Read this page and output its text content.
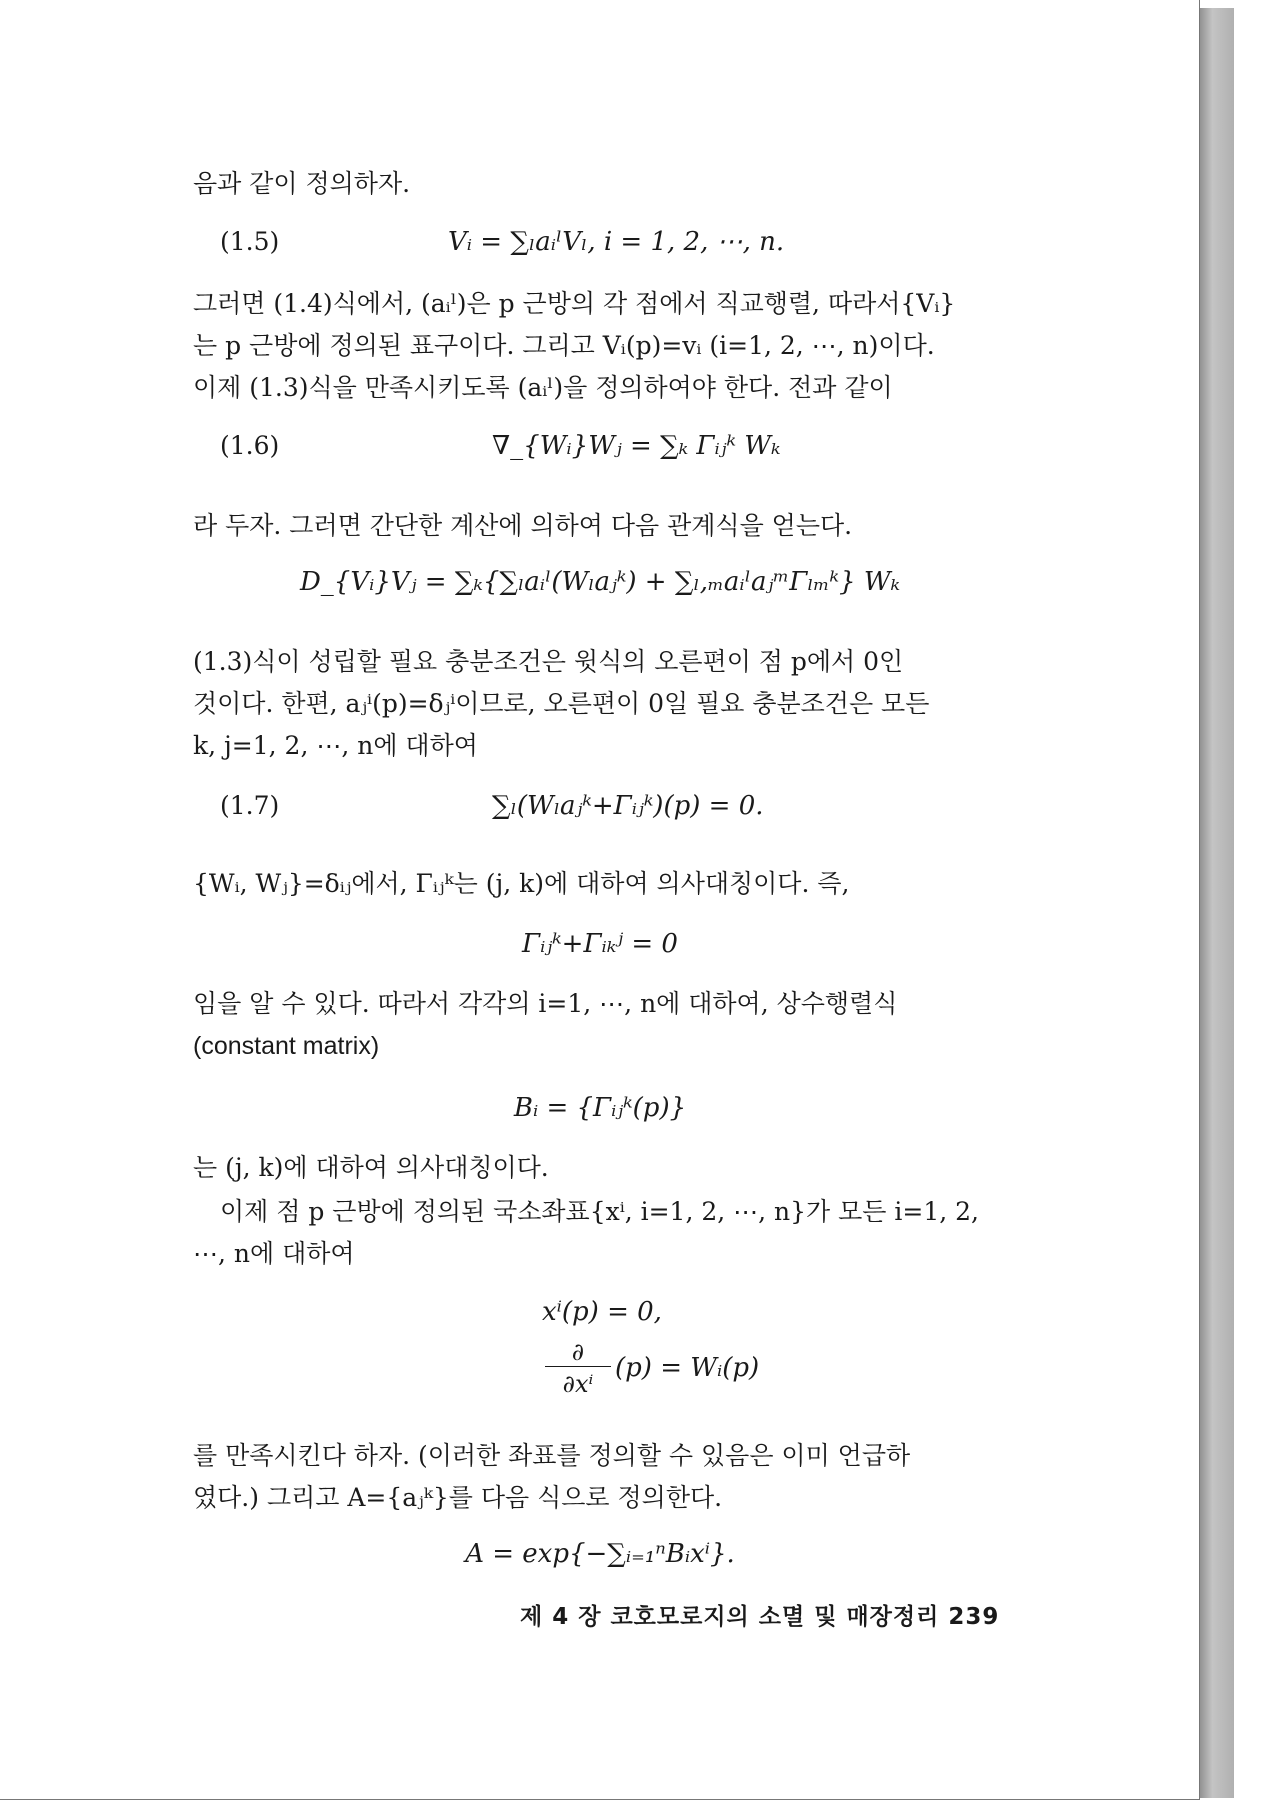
음과 같이 정의하자.
(1.5)	Vᵢ = ∑ₗaᵢˡVₗ, i = 1, 2, ⋯, n.
그러면 (1.4)식에서, (aᵢˡ)은 p 근방의 각 점에서 직교행렬, 따라서{Vᵢ}
는 p 근방에 정의된 표구이다. 그리고 Vᵢ(p)=vᵢ (i=1, 2, ⋯, n)이다.
이제 (1.3)식을 만족시키도록 (aᵢˡ)을 정의하여야 한다. 전과 같이
(1.6)	∇_{Wᵢ}Wⱼ = ∑ₖ Γᵢⱼᵏ Wₖ
라 두자. 그러면 간단한 계산에 의하여 다음 관계식을 얻는다.
D_{Vᵢ}Vⱼ = ∑ₖ{∑ₗaᵢˡ(Wₗaⱼᵏ) + ∑ₗ,ₘaᵢˡaⱼᵐΓₗₘᵏ} Wₖ
(1.3)식이 성립할 필요 충분조건은 윗식의 오른편이 점 p에서 0인
것이다. 한편, aⱼⁱ(p)=δⱼⁱ이므로, 오른편이 0일 필요 충분조건은 모든
k, j=1, 2, ⋯, n에 대하여
(1.7)	∑ₗ(Wₗaⱼᵏ+Γᵢⱼᵏ)(p) = 0.
{Wᵢ, Wⱼ}=δᵢⱼ에서, Γᵢⱼᵏ는 (j, k)에 대하여 의사대칭이다. 즉,
Γᵢⱼᵏ+Γᵢₖʲ = 0
임을 알 수 있다. 따라서 각각의 i=1, ⋯, n에 대하여, 상수행렬식
(constant matrix)
Bᵢ = {Γᵢⱼᵏ(p)}
는 (j, k)에 대하여 의사대칭이다.
이제 점 p 근방에 정의된 국소좌표{xⁱ, i=1, 2, ⋯, n}가 모든 i=1, 2,
⋯, n에 대하여
xⁱ(p) = 0,
∂
∂xⁱ
(p) = Wᵢ(p)
를 만족시킨다 하자. (이러한 좌표를 정의할 수 있음은 이미 언급하
였다.) 그리고 A={aⱼᵏ}를 다음 식으로 정의한다.
A = exp{−∑ᵢ₌₁ⁿBᵢxⁱ}.
제 4 장 코호모로지의 소멸 및 매장정리 239
